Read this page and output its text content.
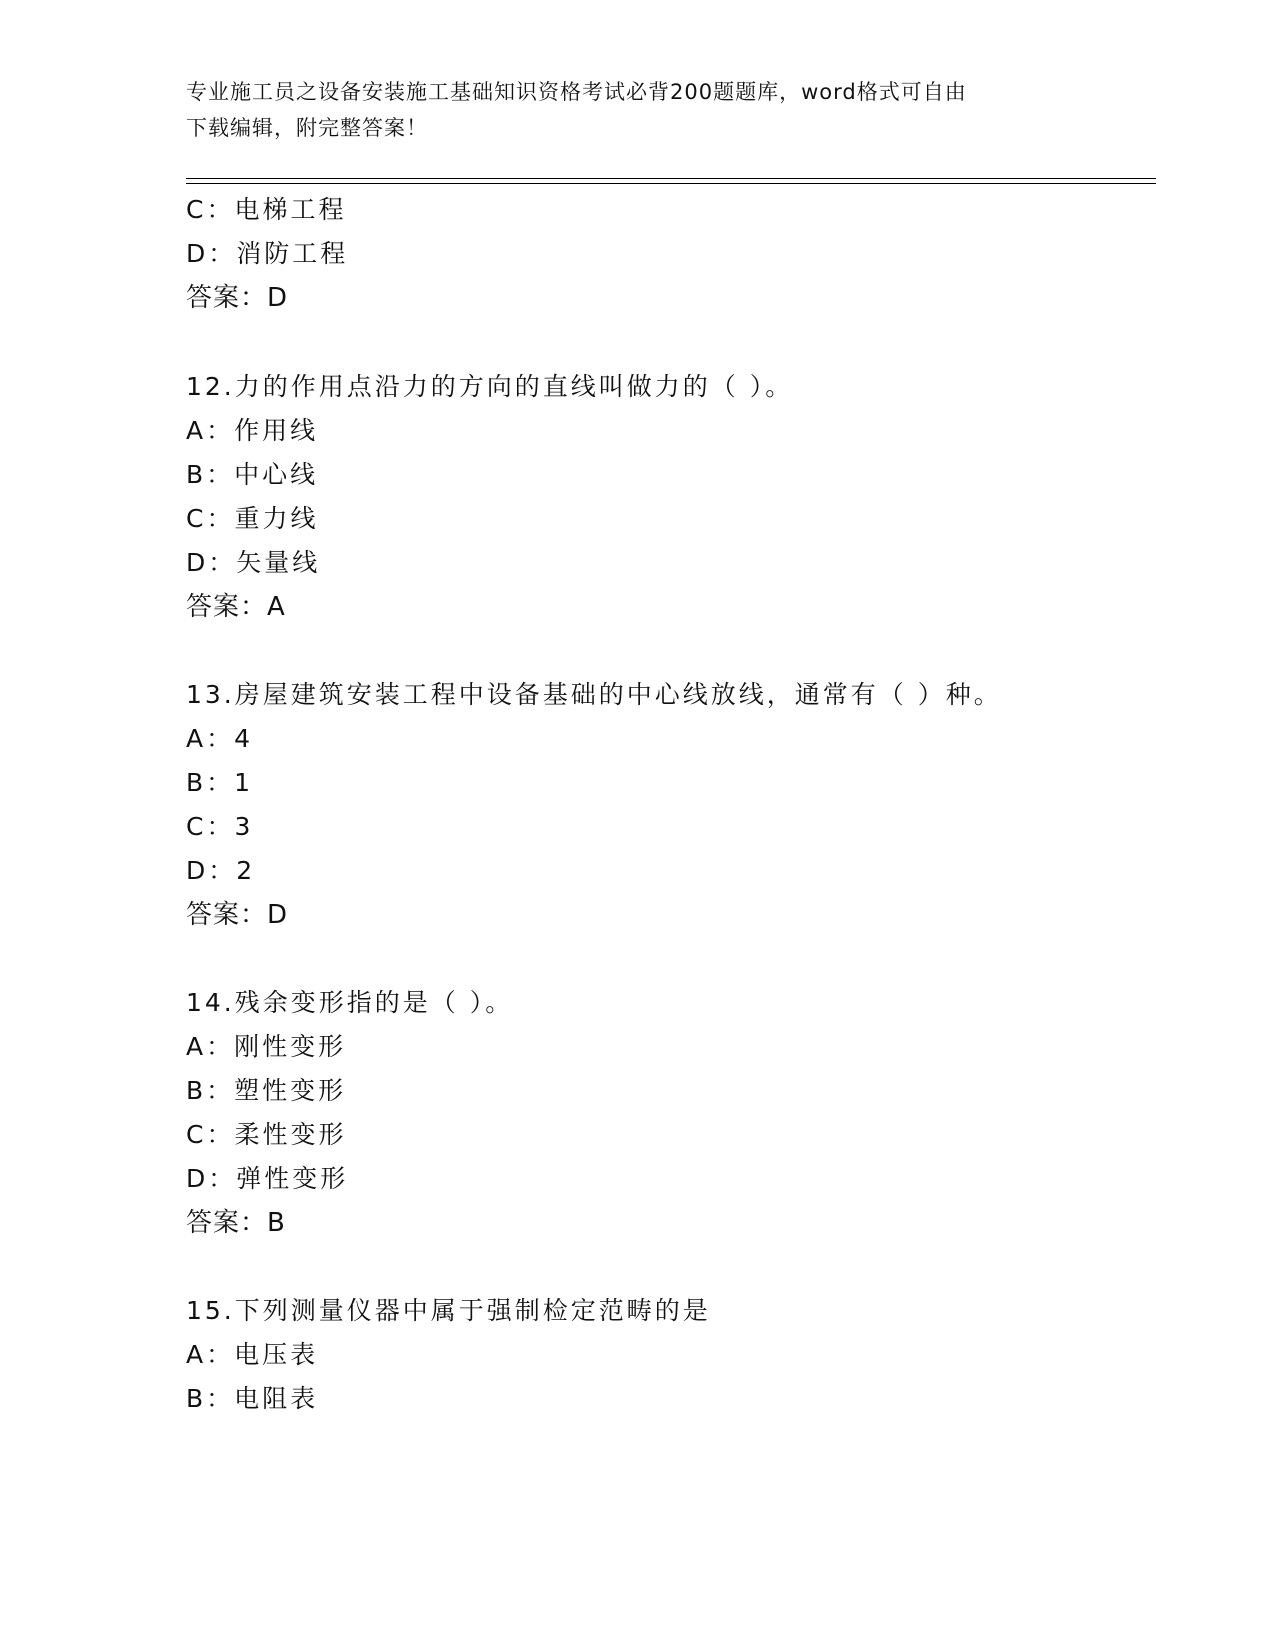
专业施工员之设备安装施工基础知识资格考试必背200题题库，word格式可自由
下载编辑，附完整答案！
C：电梯工程
D：消防工程
答案：D
12.力的作用点沿力的方向的直线叫做力的（ ）。
A：作用线
B：中心线
C：重力线
D：矢量线
答案：A
13.房屋建筑安装工程中设备基础的中心线放线，通常有（ ）种。
A：4
B：1
C：3
D：2
答案：D
14.残余变形指的是（ ）。
A：刚性变形
B：塑性变形
C：柔性变形
D：弹性变形
答案：B
15.下列测量仪器中属于强制检定范畴的是
A：电压表
B：电阻表
